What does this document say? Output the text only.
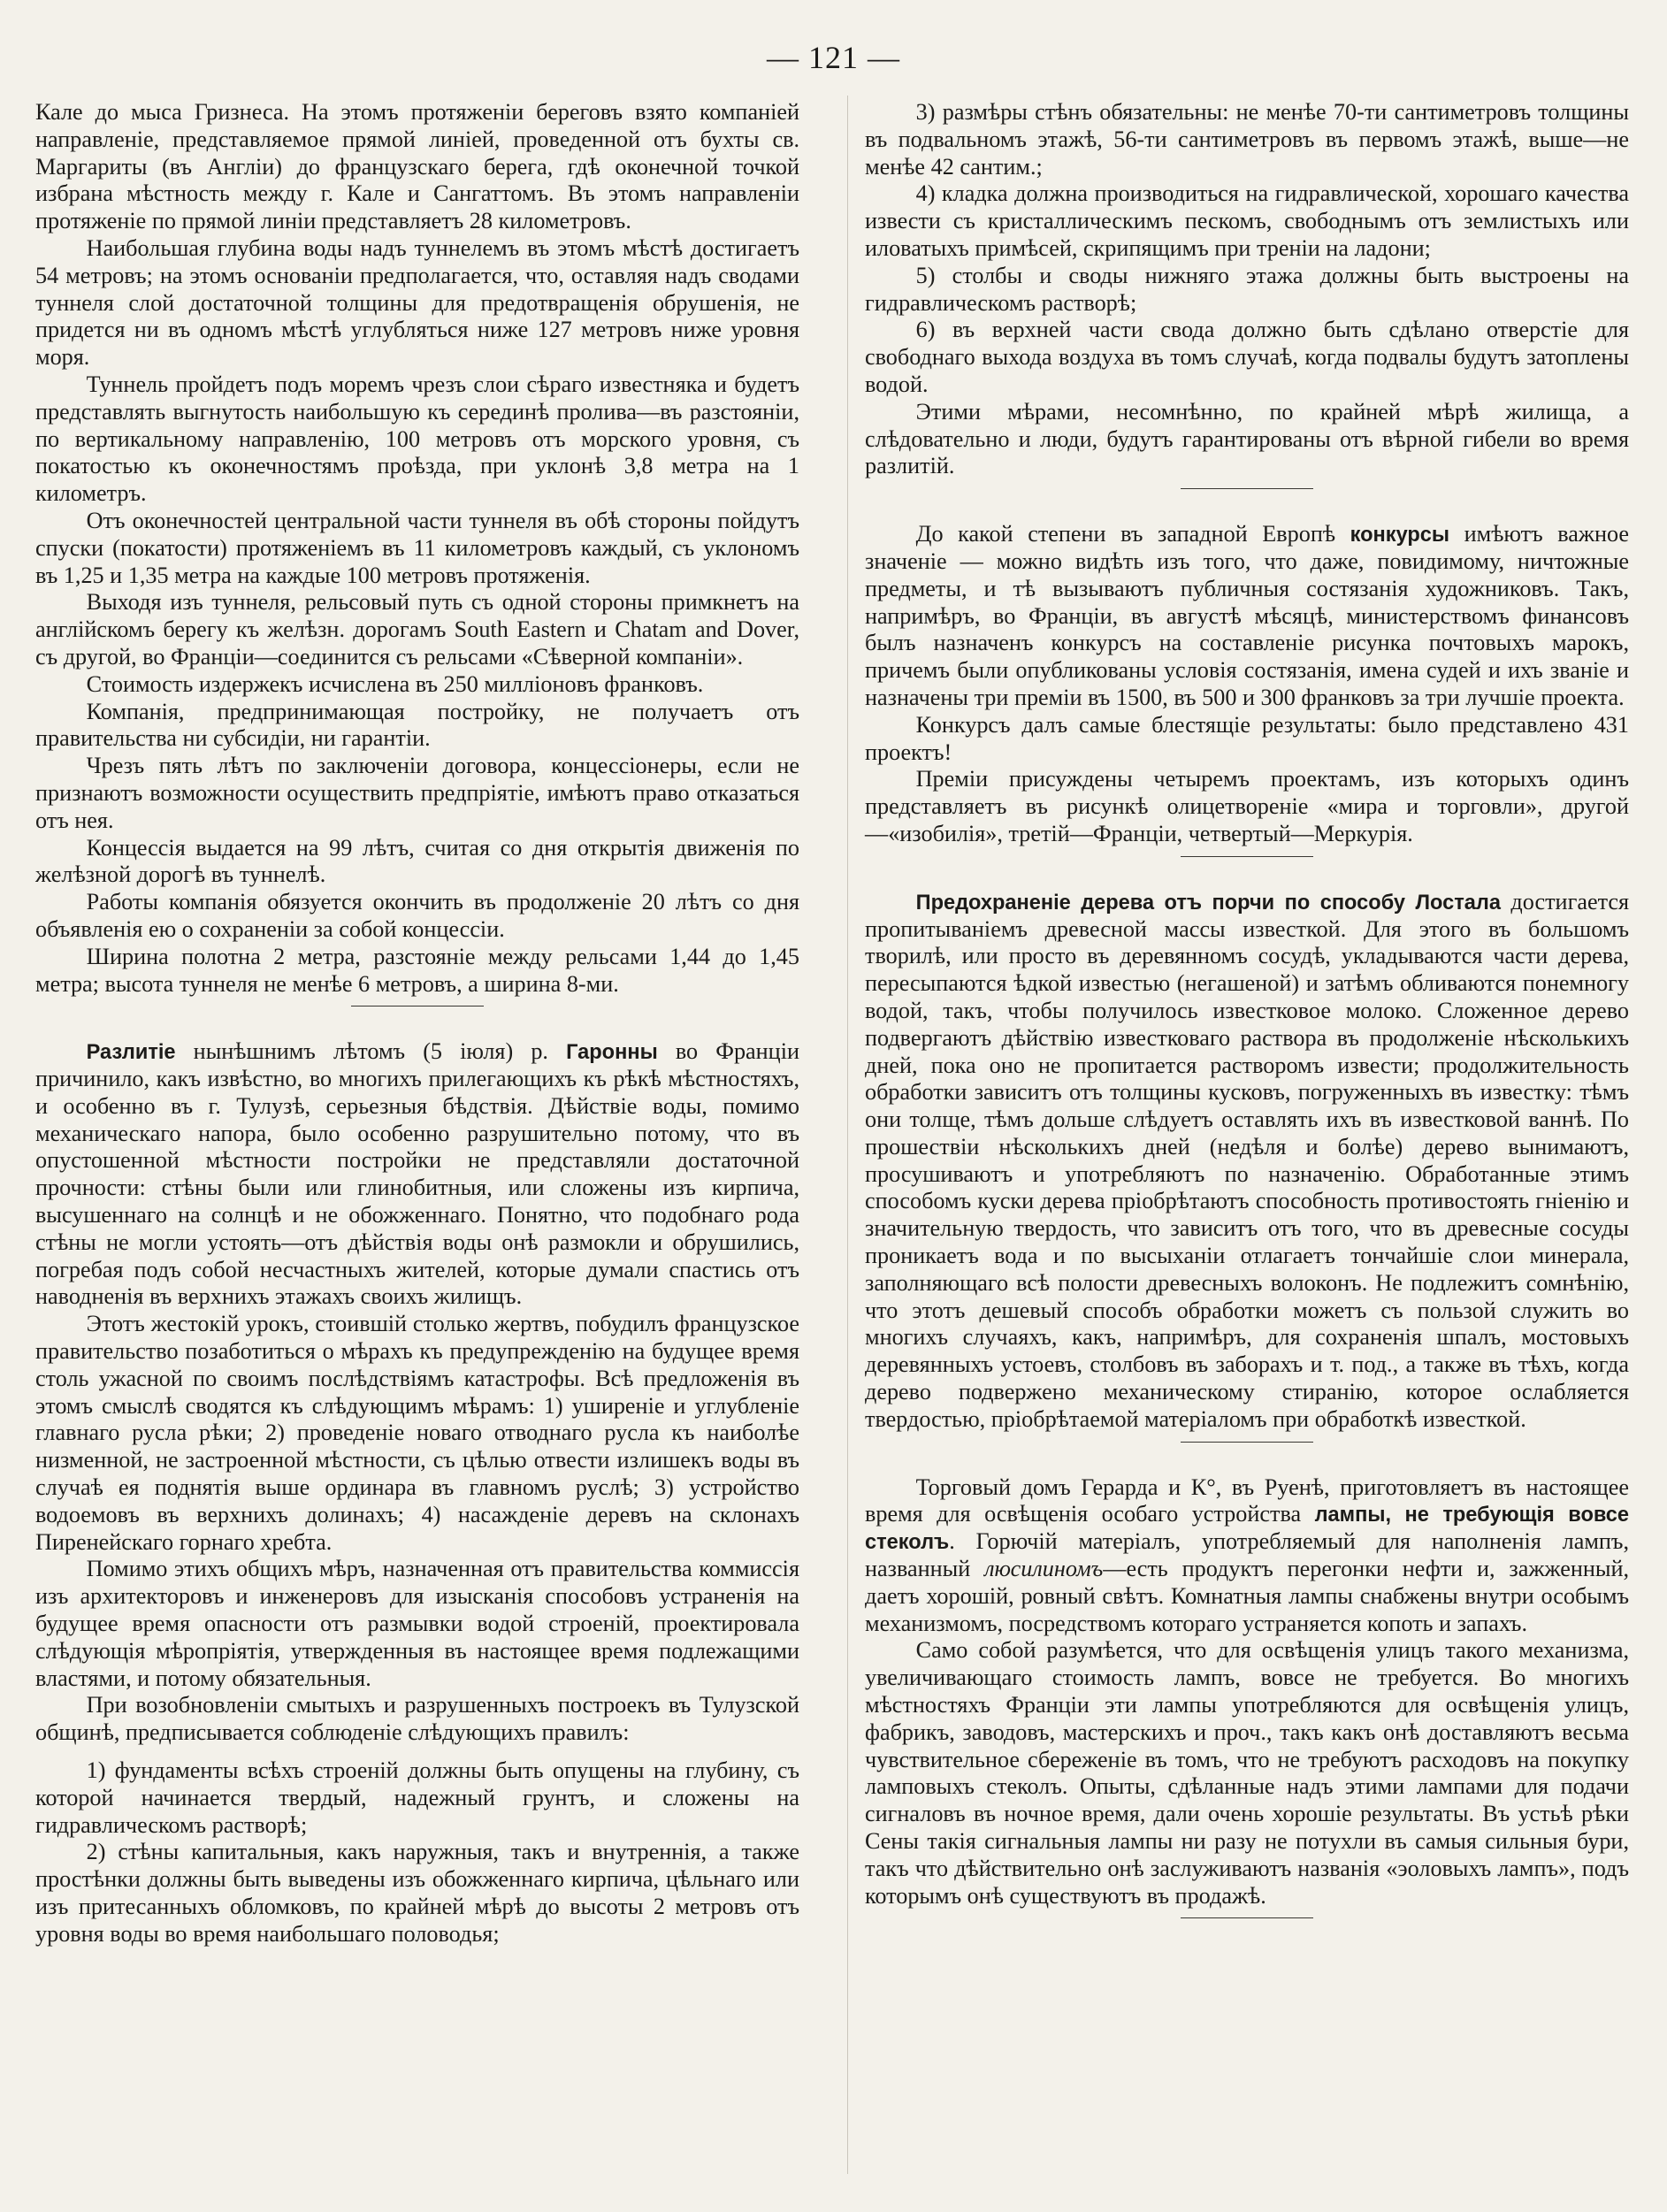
— 121 —

Кале до мыса Гризнеса. На этомъ протяженіи береговъ взято компаніей направленіе, представляемое прямой линіей, проведенной отъ бухты св. Маргариты (въ Англіи) до французскаго берега, гдѣ оконечной точкой избрана мѣстность между г. Кале и Сангаттомъ. Въ этомъ направленіи протяженіе по прямой линіи представляетъ 28 километровъ.

Наибольшая глубина воды надъ туннелемъ въ этомъ мѣстѣ достигаетъ 54 метровъ; на этомъ основаніи предполагается, что, оставляя надъ сводами туннеля слой достаточной толщины для предотвращенія обрушенія, не придется ни въ одномъ мѣстѣ углубляться ниже 127 метровъ ниже уровня моря.

Туннель пройдетъ подъ моремъ чрезъ слои сѣраго известняка и будетъ представлять выгнутость наибольшую къ серединѣ пролива—въ разстояніи, по вертикальному направленію, 100 метровъ отъ морского уровня, съ покатостью къ оконечностямъ проѣзда, при уклонѣ 3,8 метра на 1 километръ.

Отъ оконечностей центральной части туннеля въ обѣ стороны пойдутъ спуски (покатости) протяженіемъ въ 11 километровъ каждый, съ уклономъ въ 1,25 и 1,35 метра на каждые 100 метровъ протяженія.

Выходя изъ туннеля, рельсовый путь съ одной стороны примкнетъ на англійскомъ берегу къ желѣзн. дорогамъ South Eastern и Chatam and Dover, съ другой, во Франціи—соединится съ рельсами «Сѣверной компаніи».

Стоимость издержекъ исчислена въ 250 милліоновъ франковъ.

Компанія, предпринимающая постройку, не получаетъ отъ правительства ни субсидіи, ни гарантіи.

Чрезъ пять лѣтъ по заключеніи договора, концессіонеры, если не признаютъ возможности осуществить предпріятіе, имѣютъ право отказаться отъ нея.

Концессія выдается на 99 лѣтъ, считая со дня открытія движенія по желѣзной дорогѣ въ туннелѣ.

Работы компанія обязуется окончить въ продолженіе 20 лѣтъ со дня объявленія ею о сохраненіи за собой концессіи.

Ширина полотна 2 метра, разстояніе между рельсами 1,44 до 1,45 метра; высота туннеля не менѣе 6 метровъ, а ширина 8-ми.

Разлитіе нынѣшнимъ лѣтомъ (5 іюля) р. Гаронны во Франціи причинило, какъ извѣстно, во многихъ прилегающихъ къ рѣкѣ мѣстностяхъ, и особенно въ г. Тулузѣ, серьезныя бѣдствія. Дѣйствіе воды, помимо механическаго напора, было особенно разрушительно потому, что въ опустошенной мѣстности постройки не представляли достаточной прочности: стѣны были или глинобитныя, или сложены изъ кирпича, высушеннаго на солнцѣ и не обожженнаго. Понятно, что подобнаго рода стѣны не могли устоять—отъ дѣйствія воды онѣ размокли и обрушились, погребая подъ собой несчастныхъ жителей, которые думали спастись отъ наводненія въ верхнихъ этажахъ своихъ жилищъ.

Этотъ жестокій урокъ, стоившій столько жертвъ, побудилъ французское правительство позаботиться о мѣрахъ къ предупрежденію на будущее время столь ужасной по своимъ послѣдствіямъ катастрофы. Всѣ предложенія въ этомъ смыслѣ сводятся къ слѣдующимъ мѣрамъ: 1) уширеніе и углубленіе главнаго русла рѣки; 2) проведеніе новаго отводнаго русла къ наиболѣе низменной, не застроенной мѣстности, съ цѣлью отвести излишекъ воды въ случаѣ ея поднятія выше ординара въ главномъ руслѣ; 3) устройство водоемовъ въ верхнихъ долинахъ; 4) насажденіе деревъ на склонахъ Пиренейскаго горнаго хребта.

Помимо этихъ общихъ мѣръ, назначенная отъ правительства коммиссія изъ архитекторовъ и инженеровъ для изысканія способовъ устраненія на будущее время опасности отъ размывки водой строеній, проектировала слѣдующія мѣропріятія, утвержденныя въ настоящее время подлежащими властями, и потому обязательныя.

При возобновленіи смытыхъ и разрушенныхъ построекъ въ Тулузской общинѣ, предписывается соблюденіе слѣдующихъ правилъ:

1) фундаменты всѣхъ строеній должны быть опущены на глубину, съ которой начинается твердый, надежный грунтъ, и сложены на гидравлическомъ растворѣ;

2) стѣны капитальныя, какъ наружныя, такъ и внутреннія, а также простѣнки должны быть выведены изъ обожженнаго кирпича, цѣльнаго или изъ притесанныхъ обломковъ, по крайней мѣрѣ до высоты 2 метровъ отъ уровня воды во время наибольшаго половодья;

3) размѣры стѣнъ обязательны: не менѣе 70-ти сантиметровъ толщины въ подвальномъ этажѣ, 56-ти сантиметровъ въ первомъ этажѣ, выше—не менѣе 42 сантим.;

4) кладка должна производиться на гидравлической, хорошаго качества извести съ кристаллическимъ пескомъ, свободнымъ отъ землистыхъ или иловатыхъ примѣсей, скрипящимъ при треніи на ладони;

5) столбы и своды нижняго этажа должны быть выстроены на гидравлическомъ растворѣ;

6) въ верхней части свода должно быть сдѣлано отверстіе для свободнаго выхода воздуха въ томъ случаѣ, когда подвалы будутъ затоплены водой.

Этими мѣрами, несомнѣнно, по крайней мѣрѣ жилища, а слѣдовательно и люди, будутъ гарантированы отъ вѣрной гибели во время разлитій.

До какой степени въ западной Европѣ конкурсы имѣютъ важное значеніе — можно видѣть изъ того, что даже, повидимому, ничтожные предметы, и тѣ вызываютъ публичныя состязанія художниковъ. Такъ, напримѣръ, во Франціи, въ августѣ мѣсяцѣ, министерствомъ финансовъ былъ назначенъ конкурсъ на составленіе рисунка почтовыхъ марокъ, причемъ были опубликованы условія состязанія, имена судей и ихъ званіе и назначены три преміи въ 1500, въ 500 и 300 франковъ за три лучшіе проекта.

Конкурсъ далъ самые блестящіе результаты: было представлено 431 проектъ!

Преміи присуждены четыремъ проектамъ, изъ которыхъ одинъ представляетъ въ рисункѣ олицетвореніе «мира и торговли», другой—«изобилія», третій—Франціи, четвертый—Меркурія.

Предохраненіе дерева отъ порчи по способу Лостала достигается пропитываніемъ древесной массы известкой. Для этого въ большомъ творилѣ, или просто въ деревянномъ сосудѣ, укладываются части дерева, пересыпаются ѣдкой известью (негашеной) и затѣмъ обливаются понемногу водой, такъ, чтобы получилось известковое молоко. Сложенное дерево подвергаютъ дѣйствію известковаго раствора въ продолженіе нѣсколькихъ дней, пока оно не пропитается растворомъ извести; продолжительность обработки зависитъ отъ толщины кусковъ, погруженныхъ въ известку: тѣмъ они толще, тѣмъ дольше слѣдуетъ оставлять ихъ въ известковой ваннѣ. По прошествіи нѣсколькихъ дней (недѣля и болѣе) дерево вынимаютъ, просушиваютъ и употребляютъ по назначенію. Обработанные этимъ способомъ куски дерева пріобрѣтаютъ способность противостоять гніенію и значительную твердость, что зависитъ отъ того, что въ древесные сосуды проникаетъ вода и по высыханіи отлагаетъ тончайшіе слои минерала, заполняющаго всѣ полости древесныхъ волоконъ. Не подлежитъ сомнѣнію, что этотъ дешевый способъ обработки можетъ съ пользой служить во многихъ случаяхъ, какъ, напримѣръ, для сохраненія шпалъ, мостовыхъ деревянныхъ устоевъ, столбовъ въ заборахъ и т. под., а также въ тѣхъ, когда дерево подвержено механическому стиранію, которое ослабляется твердостью, пріобрѣтаемой матеріаломъ при обработкѣ известкой.

Торговый домъ Герарда и К°, въ Руенѣ, приготовляетъ въ настоящее время для освѣщенія особаго устройства лампы, не требующія вовсе стеколъ. Горючій матеріалъ, употребляемый для наполненія лампъ, названный люсилиномъ—есть продуктъ перегонки нефти и, зажженный, даетъ хорошій, ровный свѣтъ. Комнатныя лампы снабжены внутри особымъ механизмомъ, посредствомъ котораго устраняется копоть и запахъ.

Само собой разумѣется, что для освѣщенія улицъ такого механизма, увеличивающаго стоимость лампъ, вовсе не требуется. Во многихъ мѣстностяхъ Франціи эти лампы употребляются для освѣщенія улицъ, фабрикъ, заводовъ, мастерскихъ и проч., такъ какъ онѣ доставляютъ весьма чувствительное сбереженіе въ томъ, что не требуютъ расходовъ на покупку ламповыхъ стеколъ. Опыты, сдѣланные надъ этими лампами для подачи сигналовъ въ ночное время, дали очень хорошіе результаты. Въ устьѣ рѣки Сены такія сигнальныя лампы ни разу не потухли въ самыя сильныя бури, такъ что дѣйствительно онѣ заслуживаютъ названія «эоловыхъ лампъ», подъ которымъ онѣ существуютъ въ продажѣ.
